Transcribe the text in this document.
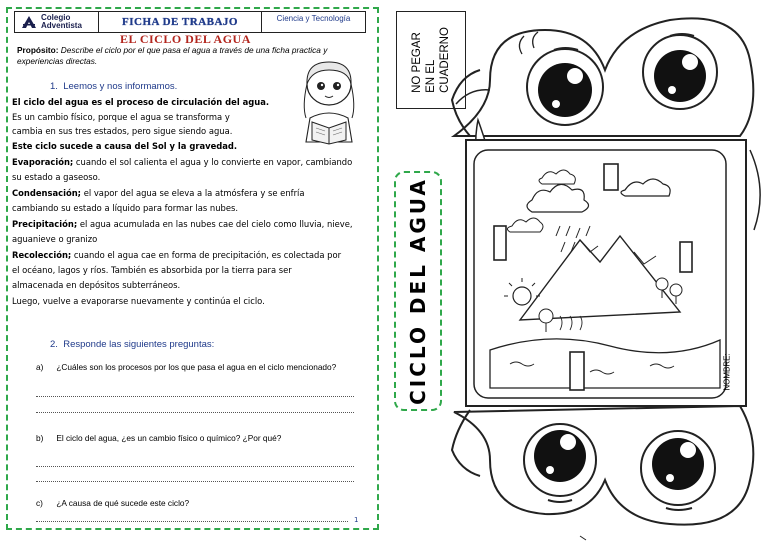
Colegio
Adventista	FICHA DE TRABAJO	Ciencia y Tecnología
EL CICLO DEL AGUA
Propósito: Describe el ciclo por el que pasa el agua a través de una ficha practica y experiencias directas.
1. Leemos y nos informamos.
El ciclo del agua es el proceso de circulación del agua.
Es un cambio físico, porque el agua se transforma y
cambia en sus tres estados, pero sigue siendo agua.
Este ciclo sucede a causa del Sol y la gravedad.
Evaporación; cuando el sol calienta el agua y lo convierte en vapor, cambiando
su estado a gaseoso.
Condensación; el vapor del agua se eleva a la atmósfera y se enfría
cambiando su estado a líquido para formar las nubes.
Precipitación; el agua acumulada en las nubes cae del cielo como lluvia, nieve,
aguanieve o granizo
Recolección; cuando el agua cae en forma de precipitación, es colectada por
el océano, lagos y ríos. También es absorbida por la tierra para ser
almacenada en depósitos subterráneos.
Luego, vuelve a evaporarse nuevamente y continúa el ciclo.
2. Responde las siguientes preguntas:
a) ¿Cuáles son los procesos por los que pasa el agua en el ciclo mencionado?
b) El ciclo del agua, ¿es un cambio físico o químico? ¿Por qué?
c) ¿A causa de qué sucede este ciclo?
1
NO PEGAR EN EL CUADERNO
CICLO DEL AGUA	NOMBRE:
